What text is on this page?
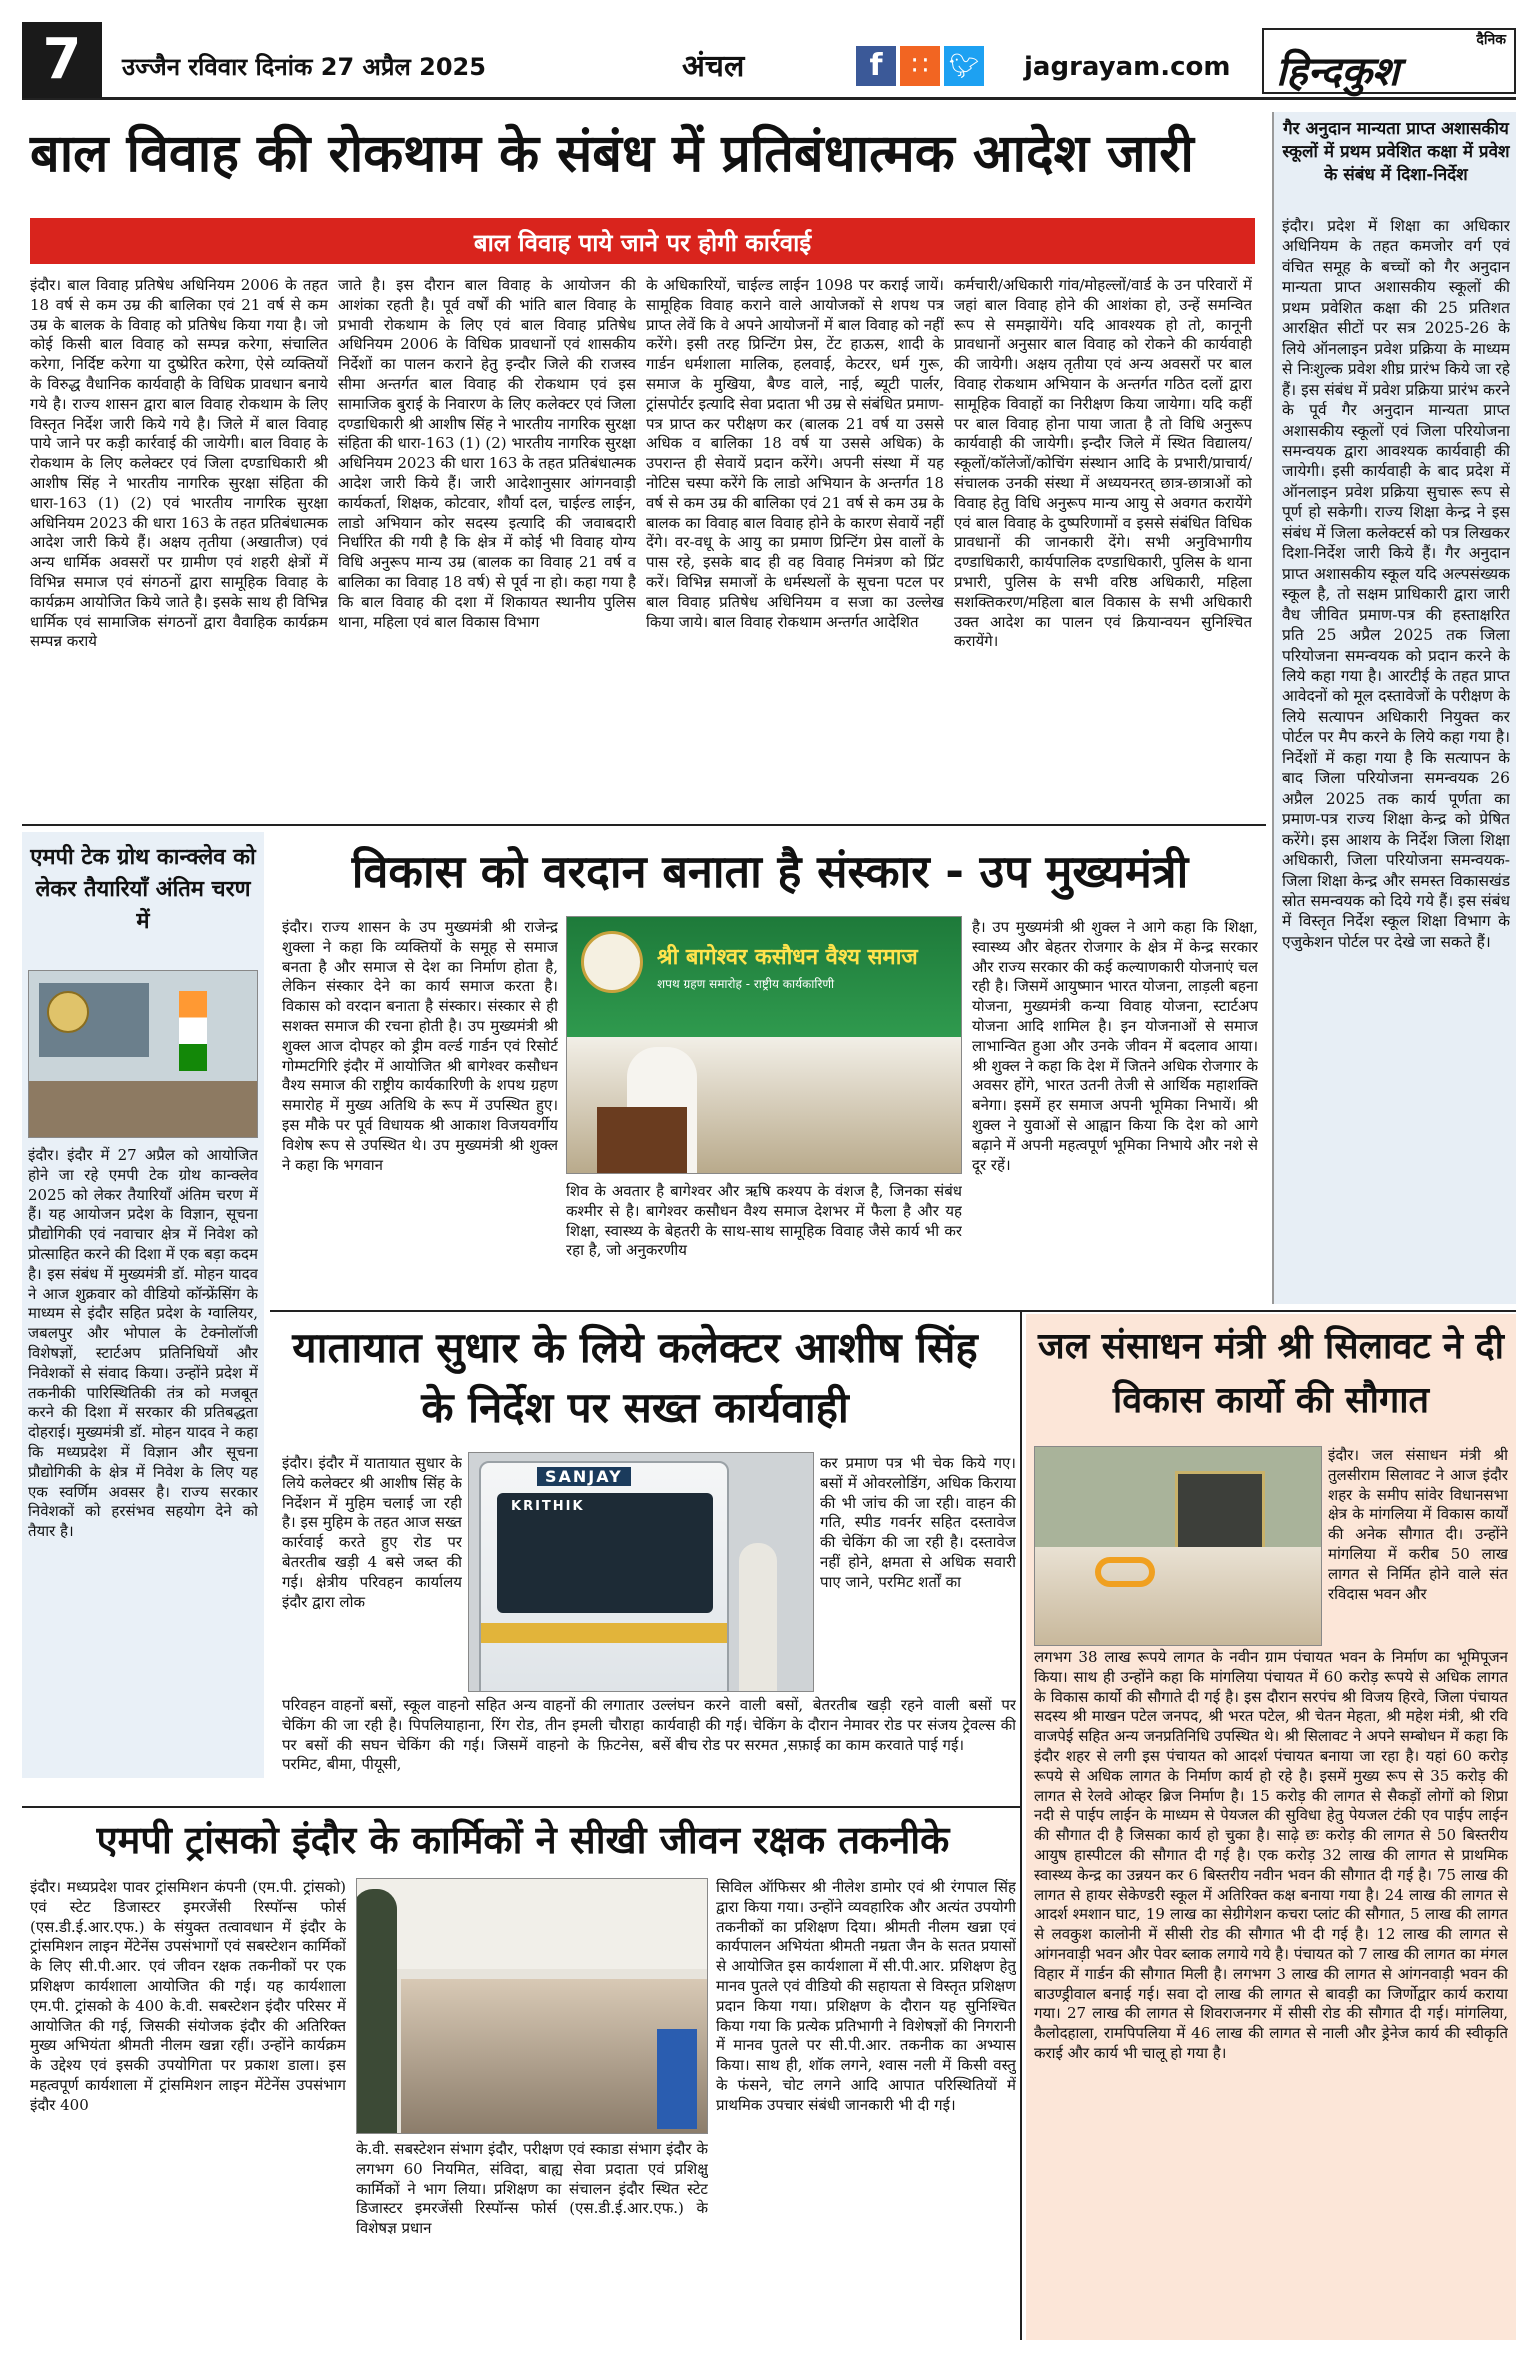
7	उज्जैन रविवार दिनांक 27 अप्रैल 2025	अंचल	f	∷ 🐦︎ jagrayam.com
दैनिक
हिन्दकुश
बाल विवाह की रोकथाम के संबंध में प्रतिबंधात्मक आदेश जारी
बाल विवाह पाये जाने पर होगी कार्रवाई
इंदौर। बाल विवाह प्रतिषेध अधिनियम 2006 के तहत 18 वर्ष से कम उम्र की बालिका एवं 21 वर्ष से कम उम्र के बालक के विवाह को प्रतिषेध किया गया है। जो कोई किसी बाल विवाह को सम्पन्न करेगा, संचालित करेगा, निर्दिष्ट करेगा या दुष्प्रेरित करेगा, ऐसे व्यक्तियों के विरुद्ध वैधानिक कार्यवाही के विधिक प्रावधान बनाये गये है। राज्य शासन द्वारा बाल विवाह रोकथाम के लिए विस्तृत निर्देश जारी किये गये है। जिले में बाल विवाह पाये जाने पर कड़ी कार्रवाई की जायेगी। बाल विवाह के रोकथाम के लिए कलेक्टर एवं जिला दण्डाधिकारी श्री आशीष सिंह ने भारतीय नागरिक सुरक्षा संहिता की धारा-163 (1) (2) एवं भारतीय नागरिक सुरक्षा अधिनियम 2023 की धारा 163 के तहत प्रतिबंधात्मक आदेश जारी किये हैं। अक्षय तृतीया (अखातीज) एवं अन्य धार्मिक अवसरों पर ग्रामीण एवं शहरी क्षेत्रों में विभिन्न समाज एवं संगठनों द्वारा सामूहिक विवाह के कार्यक्रम आयोजित किये जाते है। इसके साथ ही विभिन्न धार्मिक एवं सामाजिक संगठनों द्वारा वैवाहिक कार्यक्रम सम्पन्न कराये
जाते है। इस दौरान बाल विवाह के आयोजन की आशंका रहती है। पूर्व वर्षों की भांति बाल विवाह के प्रभावी रोकथाम के लिए एवं बाल विवाह प्रतिषेध अधिनियम 2006 के विधिक प्रावधानों एवं शासकीय निर्देशों का पालन कराने हेतु इन्दौर जिले की राजस्व सीमा अन्तर्गत बाल विवाह की रोकथाम एवं इस सामाजिक बुराई के निवारण के लिए कलेक्टर एवं जिला दण्डाधिकारी श्री आशीष सिंह ने भारतीय नागरिक सुरक्षा संहिता की धारा-163 (1) (2) भारतीय नागरिक सुरक्षा अधिनियम 2023 की धारा 163 के तहत प्रतिबंधात्मक आदेश जारी किये हैं। जारी आदेशानुसार आंगनवाड़ी कार्यकर्ता, शिक्षक, कोटवार, शौर्या दल, चाईल्ड लाईन, लाडो अभियान कोर सदस्य इत्यादि की जवाबदारी निर्धारित की गयी है कि क्षेत्र में कोई भी विवाह योग्य विधि अनुरूप मान्य उम्र (बालक का विवाह 21 वर्ष व बालिका का विवाह 18 वर्ष) से पूर्व ना हो। कहा गया है कि बाल विवाह की दशा में शिकायत स्थानीय पुलिस थाना, महिला एवं बाल विकास विभाग
के अधिकारियों, चाईल्ड लाईन 1098 पर कराई जायें। सामूहिक विवाह कराने वाले आयोजकों से शपथ पत्र प्राप्त लेवें कि वे अपने आयोजनों में बाल विवाह को नहीं करेंगे। इसी तरह प्रिन्टिंग प्रेस, टेंट हाऊस, शादी के गार्डन धर्मशाला मालिक, हलवाई, केटरर, धर्म गुरू, समाज के मुखिया, बैण्ड वाले, नाई, ब्यूटी पार्लर, ट्रांसपोर्टर इत्यादि सेवा प्रदाता भी उम्र से संबंधित प्रमाण-पत्र प्राप्त कर परीक्षण कर (बालक 21 वर्ष या उससे अधिक व बालिका 18 वर्ष या उससे अधिक) के उपरान्त ही सेवायें प्रदान करेंगे। अपनी संस्था में यह नोटिस चस्पा करेंगे कि लाडो अभियान के अन्तर्गत 18 वर्ष से कम उम्र की बालिका एवं 21 वर्ष से कम उम्र के बालक का विवाह बाल विवाह होने के कारण सेवायें नहीं देंगे। वर-वधू के आयु का प्रमाण प्रिन्टिंग प्रेस वालों के पास रहे, इसके बाद ही वह विवाह निमंत्रण को प्रिंट करें। विभिन्न समाजों के धर्मस्थलों के सूचना पटल पर बाल विवाह प्रतिषेध अधिनियम व सजा का उल्लेख किया जाये। बाल विवाह रोकथाम अन्तर्गत आदेशित
कर्मचारी/अधिकारी गांव/मोहल्लों/वार्ड के उन परिवारों में जहां बाल विवाह होने की आशंका हो, उन्हें समन्वित रूप से समझायेंगे। यदि आवश्यक हो तो, कानूनी प्रावधानों अनुसार बाल विवाह को रोकने की कार्यवाही की जायेगी। अक्षय तृतीया एवं अन्य अवसरों पर बाल विवाह रोकथाम अभियान के अन्तर्गत गठित दलों द्वारा सामूहिक विवाहों का निरीक्षण किया जायेगा। यदि कहीं पर बाल विवाह होना पाया जाता है तो विधि अनुरूप कार्यवाही की जायेगी। इन्दौर जिले में स्थित विद्यालय/स्कूलों/कॉलेजों/कोचिंग संस्थान आदि के प्रभारी/प्राचार्य/संचालक उनकी संस्था में अध्ययनरत् छात्र-छात्राओं को विवाह हेतु विधि अनुरूप मान्य आयु से अवगत करायेंगे एवं बाल विवाह के दुष्परिणामों व इससे संबंधित विधिक प्रावधानों की जानकारी देंगे। सभी अनुविभागीय दण्डाधिकारी, कार्यपालिक दण्डाधिकारी, पुलिस के थाना प्रभारी, पुलिस के सभी वरिष्ठ अधिकारी, महिला सशक्तिकरण/महिला बाल विकास के सभी अधिकारी उक्त आदेश का पालन एवं क्रियान्वयन सुनिश्चित करायेंगे।
गैर अनुदान मान्यता प्राप्त अशासकीय स्कूलों में प्रथम प्रवेशित कक्षा में प्रवेश के संबंध में दिशा-निर्देश
इंदौर। प्रदेश में शिक्षा का अधिकार अधिनियम के तहत कमजोर वर्ग एवं वंचित समूह के बच्चों को गैर अनुदान मान्यता प्राप्त अशासकीय स्कूलों की प्रथम प्रवेशित कक्षा की 25 प्रतिशत आरक्षित सीटों पर सत्र 2025-26 के लिये ऑनलाइन प्रवेश प्रक्रिया के माध्यम से निःशुल्क प्रवेश शीघ्र प्रारंभ किये जा रहे हैं। इस संबंध में प्रवेश प्रक्रिया प्रारंभ करने के पूर्व गैर अनुदान मान्यता प्राप्त अशासकीय स्कूलों एवं जिला परियोजना समन्वयक द्वारा आवश्यक कार्यवाही की जायेगी। इसी कार्यवाही के बाद प्रदेश में ऑनलाइन प्रवेश प्रक्रिया सुचारू रूप से पूर्ण हो सकेगी। राज्य शिक्षा केन्द्र ने इस संबंध में जिला कलेक्टर्स को पत्र लिखकर दिशा-निर्देश जारी किये हैं। गैर अनुदान प्राप्त अशासकीय स्कूल यदि अल्पसंख्यक स्कूल है, तो सक्षम प्राधिकारी द्वारा जारी वैध जीवित प्रमाण-पत्र की हस्ताक्षरित प्रति 25 अप्रैल 2025 तक जिला परियोजना समन्वयक को प्रदान करने के लिये कहा गया है। आरटीई के तहत प्राप्त आवेदनों को मूल दस्तावेजों के परीक्षण के लिये सत्यापन अधिकारी नियुक्त कर पोर्टल पर मैप करने के लिये कहा गया है। निर्देशों में कहा गया है कि सत्यापन के बाद जिला परियोजना समन्वयक 26 अप्रैल 2025 तक कार्य पूर्णता का प्रमाण-पत्र राज्य शिक्षा केन्द्र को प्रेषित करेंगे। इस आशय के निर्देश जिला शिक्षा अधिकारी, जिला परियोजना समन्वयक-जिला शिक्षा केन्द्र और समस्त विकासखंड स्रोत समन्वयक को दिये गये हैं। इस संबंध में विस्तृत निर्देश स्कूल शिक्षा विभाग के एजुकेशन पोर्टल पर देखे जा सकते हैं।
एमपी टेक ग्रोथ कान्क्लेव को लेकर तैयारियाँ अंतिम चरण में
इंदौर। इंदौर में 27 अप्रैल को आयोजित होने जा रहे एमपी टेक ग्रोथ कान्क्लेव 2025 को लेकर तैयारियाँ अंतिम चरण में हैं। यह आयोजन प्रदेश के विज्ञान, सूचना प्रौद्योगिकी एवं नवाचार क्षेत्र में निवेश को प्रोत्साहित करने की दिशा में एक बड़ा कदम है। इस संबंध में मुख्यमंत्री डॉ. मोहन यादव ने आज शुक्रवार को वीडियो कॉन्फ्रेंसिंग के माध्यम से इंदौर सहित प्रदेश के ग्वालियर, जबलपुर और भोपाल के टेक्नोलॉजी विशेषज्ञों, स्टार्टअप प्रतिनिधियों और निवेशकों से संवाद किया। उन्होंने प्रदेश में तकनीकी पारिस्थितिकी तंत्र को मजबूत करने की दिशा में सरकार की प्रतिबद्धता दोहराई। मुख्यमंत्री डॉ. मोहन यादव ने कहा कि मध्यप्रदेश में विज्ञान और सूचना प्रौद्योगिकी के क्षेत्र में निवेश के लिए यह एक स्वर्णिम अवसर है। राज्य सरकार निवेशकों को हरसंभव सहयोग देने को तैयार है।
विकास को वरदान बनाता है संस्कार - उप मुख्यमंत्री
इंदौर। राज्य शासन के उप मुख्यमंत्री श्री राजेन्द्र शुक्ला ने कहा कि व्यक्तियों के समूह से समाज बनता है और समाज से देश का निर्माण होता है, लेकिन संस्कार देने का कार्य समाज करता है। विकास को वरदान बनाता है संस्कार। संस्कार से ही सशक्त समाज की रचना होती है। उप मुख्यमंत्री श्री शुक्ल आज दोपहर को ड्रीम वर्ल्ड गार्डन एवं रिसोर्ट गोम्मटगिरि इंदौर में आयोजित श्री बागेश्वर कसौधन वैश्य समाज की राष्ट्रीय कार्यकारिणी के शपथ ग्रहण समारोह में मुख्य अतिथि के रूप में उपस्थित हुए। इस मौके पर पूर्व विधायक श्री आकाश विजयवर्गीय विशेष रूप से उपस्थित थे। उप मुख्यमंत्री श्री शुक्ल ने कहा कि भगवान
श्री बागेश्वर कसौधन वैश्य समाज
शपथ ग्रहण समारोह - राष्ट्रीय कार्यकारिणी
शिव के अवतार है बागेश्वर और ऋषि कश्यप के वंशज है, जिनका संबंध कश्मीर से है। बागेश्वर कसौधन वैश्य समाज देशभर में फैला है और यह शिक्षा, स्वास्थ्य के बेहतरी के साथ-साथ सामूहिक विवाह जैसे कार्य भी कर रहा है, जो अनुकरणीय
है। उप मुख्यमंत्री श्री शुक्ल ने आगे कहा कि शिक्षा, स्वास्थ्य और बेहतर रोजगार के क्षेत्र में केन्द्र सरकार और राज्य सरकार की कई कल्याणकारी योजनाएं चल रही है। जिसमें आयुष्मान भारत योजना, लाड़ली बहना योजना, मुख्यमंत्री कन्या विवाह योजना, स्टार्टअप योजना आदि शामिल है। इन योजनाओं से समाज लाभान्वित हुआ और उनके जीवन में बदलाव आया। श्री शुक्ल ने कहा कि देश में जितने अधिक रोजगार के अवसर होंगे, भारत उतनी तेजी से आर्थिक महाशक्ति बनेगा। इसमें हर समाज अपनी भूमिका निभायें। श्री शुक्ल ने युवाओं से आह्वान किया कि देश को आगे बढ़ाने में अपनी महत्वपूर्ण भूमिका निभाये और नशे से दूर रहें।
यातायात सुधार के लिये कलेक्टर आशीष सिंह के निर्देश पर सख्त कार्यवाही
इंदौर। इंदौर में यातायात सुधार के लिये कलेक्टर श्री आशीष सिंह के निर्देशन में मुहिम चलाई जा रही है। इस मुहिम के तहत आज सख्त कार्रवाई करते हुए रोड पर बेतरतीब खड़ी 4 बसे जब्त की गई। क्षेत्रीय परिवहन कार्यालय इंदौर द्वारा लोक
SANJAY
KRITHIK
कर प्रमाण पत्र भी चेक किये गए। बसों में ओवरलोडिंग, अधिक किराया की भी जांच की जा रही। वाहन की गति, स्पीड गवर्नर सहित दस्तावेज की चेकिंग की जा रही है। दस्तावेज नहीं होने, क्षमता से अधिक सवारी पाए जाने, परमिट शर्तों का
परिवहन वाहनों बसों, स्कूल वाहनो सहित अन्य वाहनों की लगातार चेकिंग की जा रही है। पिपलियाहाना, रिंग रोड, तीन इमली चौराहा पर बसों की सघन चेकिंग की गई। जिसमें वाहनो के फ़िटनेस, परमिट, बीमा, पीयूसी,
उल्लंघन करने वाली बसों, बेतरतीब खड़ी रहने वाली बसों पर कार्यवाही की गई। चेकिंग के दौरान नेमावर रोड पर संजय ट्रेवल्स की बसें बीच रोड पर सरमत ,सफ़ाई का काम करवाते पाई गई।
जल संसाधन मंत्री श्री सिलावट ने दी विकास कार्यो की सौगात
इंदौर। जल संसाधन मंत्री श्री तुलसीराम सिलावट ने आज इंदौर शहर के समीप सांवेर विधानसभा क्षेत्र के मांगलिया में विकास कार्यों की अनेक सौगात दी। उन्होंने मांगलिया में करीब 50 लाख लागत से निर्मित होने वाले संत रविदास भवन और
लगभग 38 लाख रूपये लागत के नवीन ग्राम पंचायत भवन के निर्माण का भूमिपूजन किया। साथ ही उन्होंने कहा कि मांगलिया पंचायत में 60 करोड़ रूपये से अधिक लागत के विकास कार्यो की सौगाते दी गई है। इस दौरान सरपंच श्री विजय हिरवे, जिला पंचायत सदस्य श्री माखन पटेल जनपद, श्री भरत पटेल, श्री चेतन मेहता, श्री महेश मंत्री, श्री रवि वाजपेई सहित अन्य जनप्रतिनिधि उपस्थित थे। श्री सिलावट ने अपने सम्बोधन में कहा कि इंदौर शहर से लगी इस पंचायत को आदर्श पंचायत बनाया जा रहा है। यहां 60 करोड़ रूपये से अधिक लागत के निर्माण कार्य हो रहे है। इसमें मुख्य रूप से 35 करोड़ की लागत से रेलवे ओव्हर ब्रिज निर्माण है। 15 करोड़ की लागत से सैकड़ों लोगों को शिप्रा नदी से पाईप लाईन के माध्यम से पेयजल की सुविधा हेतु पेयजल टंकी एव पाईप लाईन की सौगात दी है जिसका कार्य हो चुका है। साढ़े छः करोड़ की लागत से 50 बिस्तरीय आयुष हास्पीटल की सौगात दी गई है। एक करोड़ 32 लाख की लागत से प्राथमिक स्वास्थ्य केन्द्र का उन्नयन कर 6 बिस्तरीय नवीन भवन की सौगात दी गई है। 75 लाख की लागत से हायर सेकेण्डरी स्कूल में अतिरिक्त कक्ष बनाया गया है। 24 लाख की लागत से आदर्श श्मशान घाट, 19 लाख का सेग्रीगेशन कचरा प्लांट की सौगात, 5 लाख की लागत से लवकुश कालोनी में सीसी रोड की सौगात भी दी गई है। 12 लाख की लागत से आंगनवाड़ी भवन और पेवर ब्लाक लगाये गये है। पंचायत को 7 लाख की लागत का मंगल विहार में गार्डन की सौगात मिली है। लगभग 3 लाख की लागत से आंगनवाड़ी भवन की बाउण्ड्रीवाल बनाई गई। सवा दो लाख की लागत से बावड़ी का जिर्णोद्वार कार्य कराया गया। 27 लाख की लागत से शिवराजनगर में सीसी रोड की सौगात दी गई। मांगलिया, कैलोदहाला, रामपिपलिया में 46 लाख की लागत से नाली और ड्रेनेज कार्य की स्वीकृति कराई और कार्य भी चालू हो गया है।
एमपी ट्रांसको इंदौर के कार्मिकों ने सीखी जीवन रक्षक तकनीके
इंदौर। मध्यप्रदेश पावर ट्रांसमिशन कंपनी (एम.पी. ट्रांसको) एवं स्टेट डिजास्टर इमरजेंसी रिस्पॉन्स फोर्स (एस.डी.ई.आर.एफ.) के संयुक्त तत्वावधान में इंदौर के ट्रांसमिशन लाइन मेंटेनेंस उपसंभागों एवं सबस्टेशन कार्मिकों के लिए सी.पी.आर. एवं जीवन रक्षक तकनीकों पर एक प्रशिक्षण कार्यशाला आयोजित की गई। यह कार्यशाला एम.पी. ट्रांसको के 400 के.वी. सबस्टेशन इंदौर परिसर में आयोजित की गई, जिसकी संयोजक इंदौर की अतिरिक्त मुख्य अभियंता श्रीमती नीलम खन्ना रहीं। उन्होंने कार्यक्रम के उद्देश्य एवं इसकी उपयोगिता पर प्रकाश डाला। इस महत्वपूर्ण कार्यशाला में ट्रांसमिशन लाइन मेंटेनेंस उपसंभाग इंदौर 400
के.वी. सबस्टेशन संभाग इंदौर, परीक्षण एवं स्काडा संभाग इंदौर के लगभग 60 नियमित, संविदा, बाह्य सेवा प्रदाता एवं प्रशिक्षु कार्मिकों ने भाग लिया। प्रशिक्षण का संचालन इंदौर स्थित स्टेट डिजास्टर इमरजेंसी रिस्पॉन्स फोर्स (एस.डी.ई.आर.एफ.) के विशेषज्ञ प्रधान
सिविल ऑफिसर श्री नीलेश डामोर एवं श्री रंगपाल सिंह द्वारा किया गया। उन्होंने व्यवहारिक और अत्यंत उपयोगी तकनीकों का प्रशिक्षण दिया। श्रीमती नीलम खन्ना एवं कार्यपालन अभियंता श्रीमती नम्रता जैन के सतत प्रयासों से आयोजित इस कार्यशाला में सी.पी.आर. प्रशिक्षण हेतु मानव पुतले एवं वीडियो की सहायता से विस्तृत प्रशिक्षण प्रदान किया गया। प्रशिक्षण के दौरान यह सुनिश्चित किया गया कि प्रत्येक प्रतिभागी ने विशेषज्ञों की निगरानी में मानव पुतले पर सी.पी.आर. तकनीक का अभ्यास किया। साथ ही, शॉक लगने, श्वास नली में किसी वस्तु के फंसने, चोट लगने आदि आपात परिस्थितियों में प्राथमिक उपचार संबंधी जानकारी भी दी गई।
